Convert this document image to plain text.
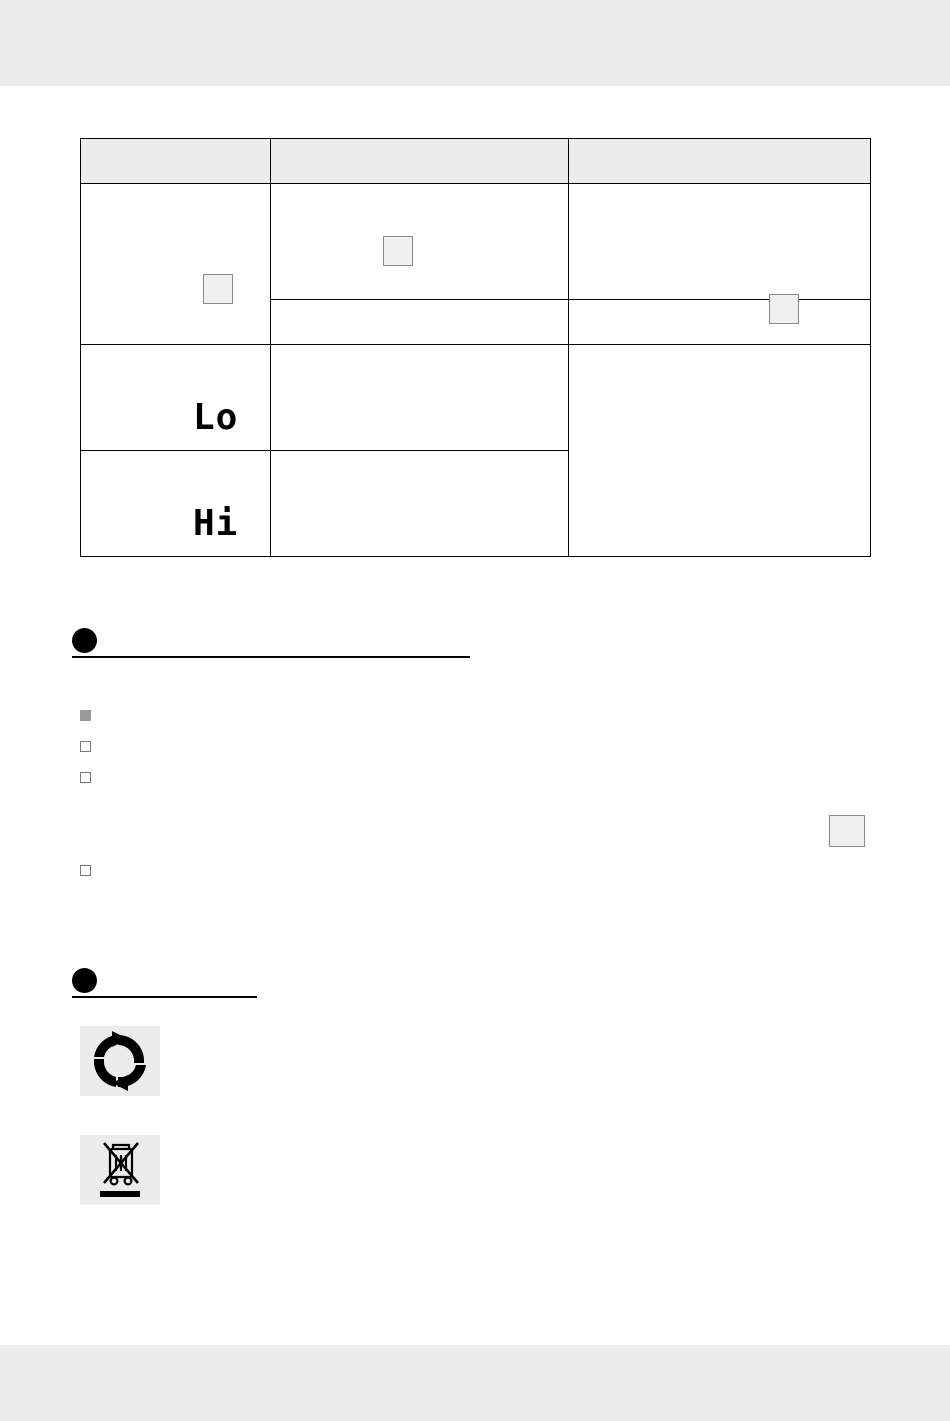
Lo		

Hi		
